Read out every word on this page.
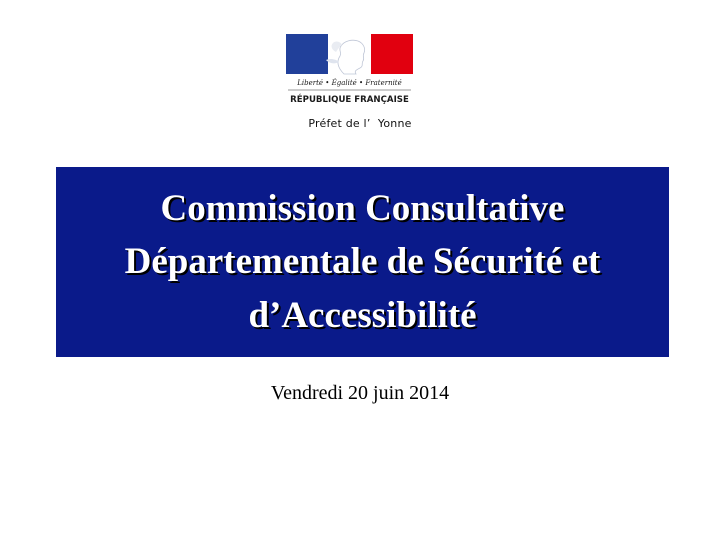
Liberté • Égalité • Fraternité
RÉPUBLIQUE FRANÇAISE
Préfet de l’  Yonne
Commission Consultative
Départementale de Sécurité et
d’Accessibilité
Vendredi 20 juin 2014
